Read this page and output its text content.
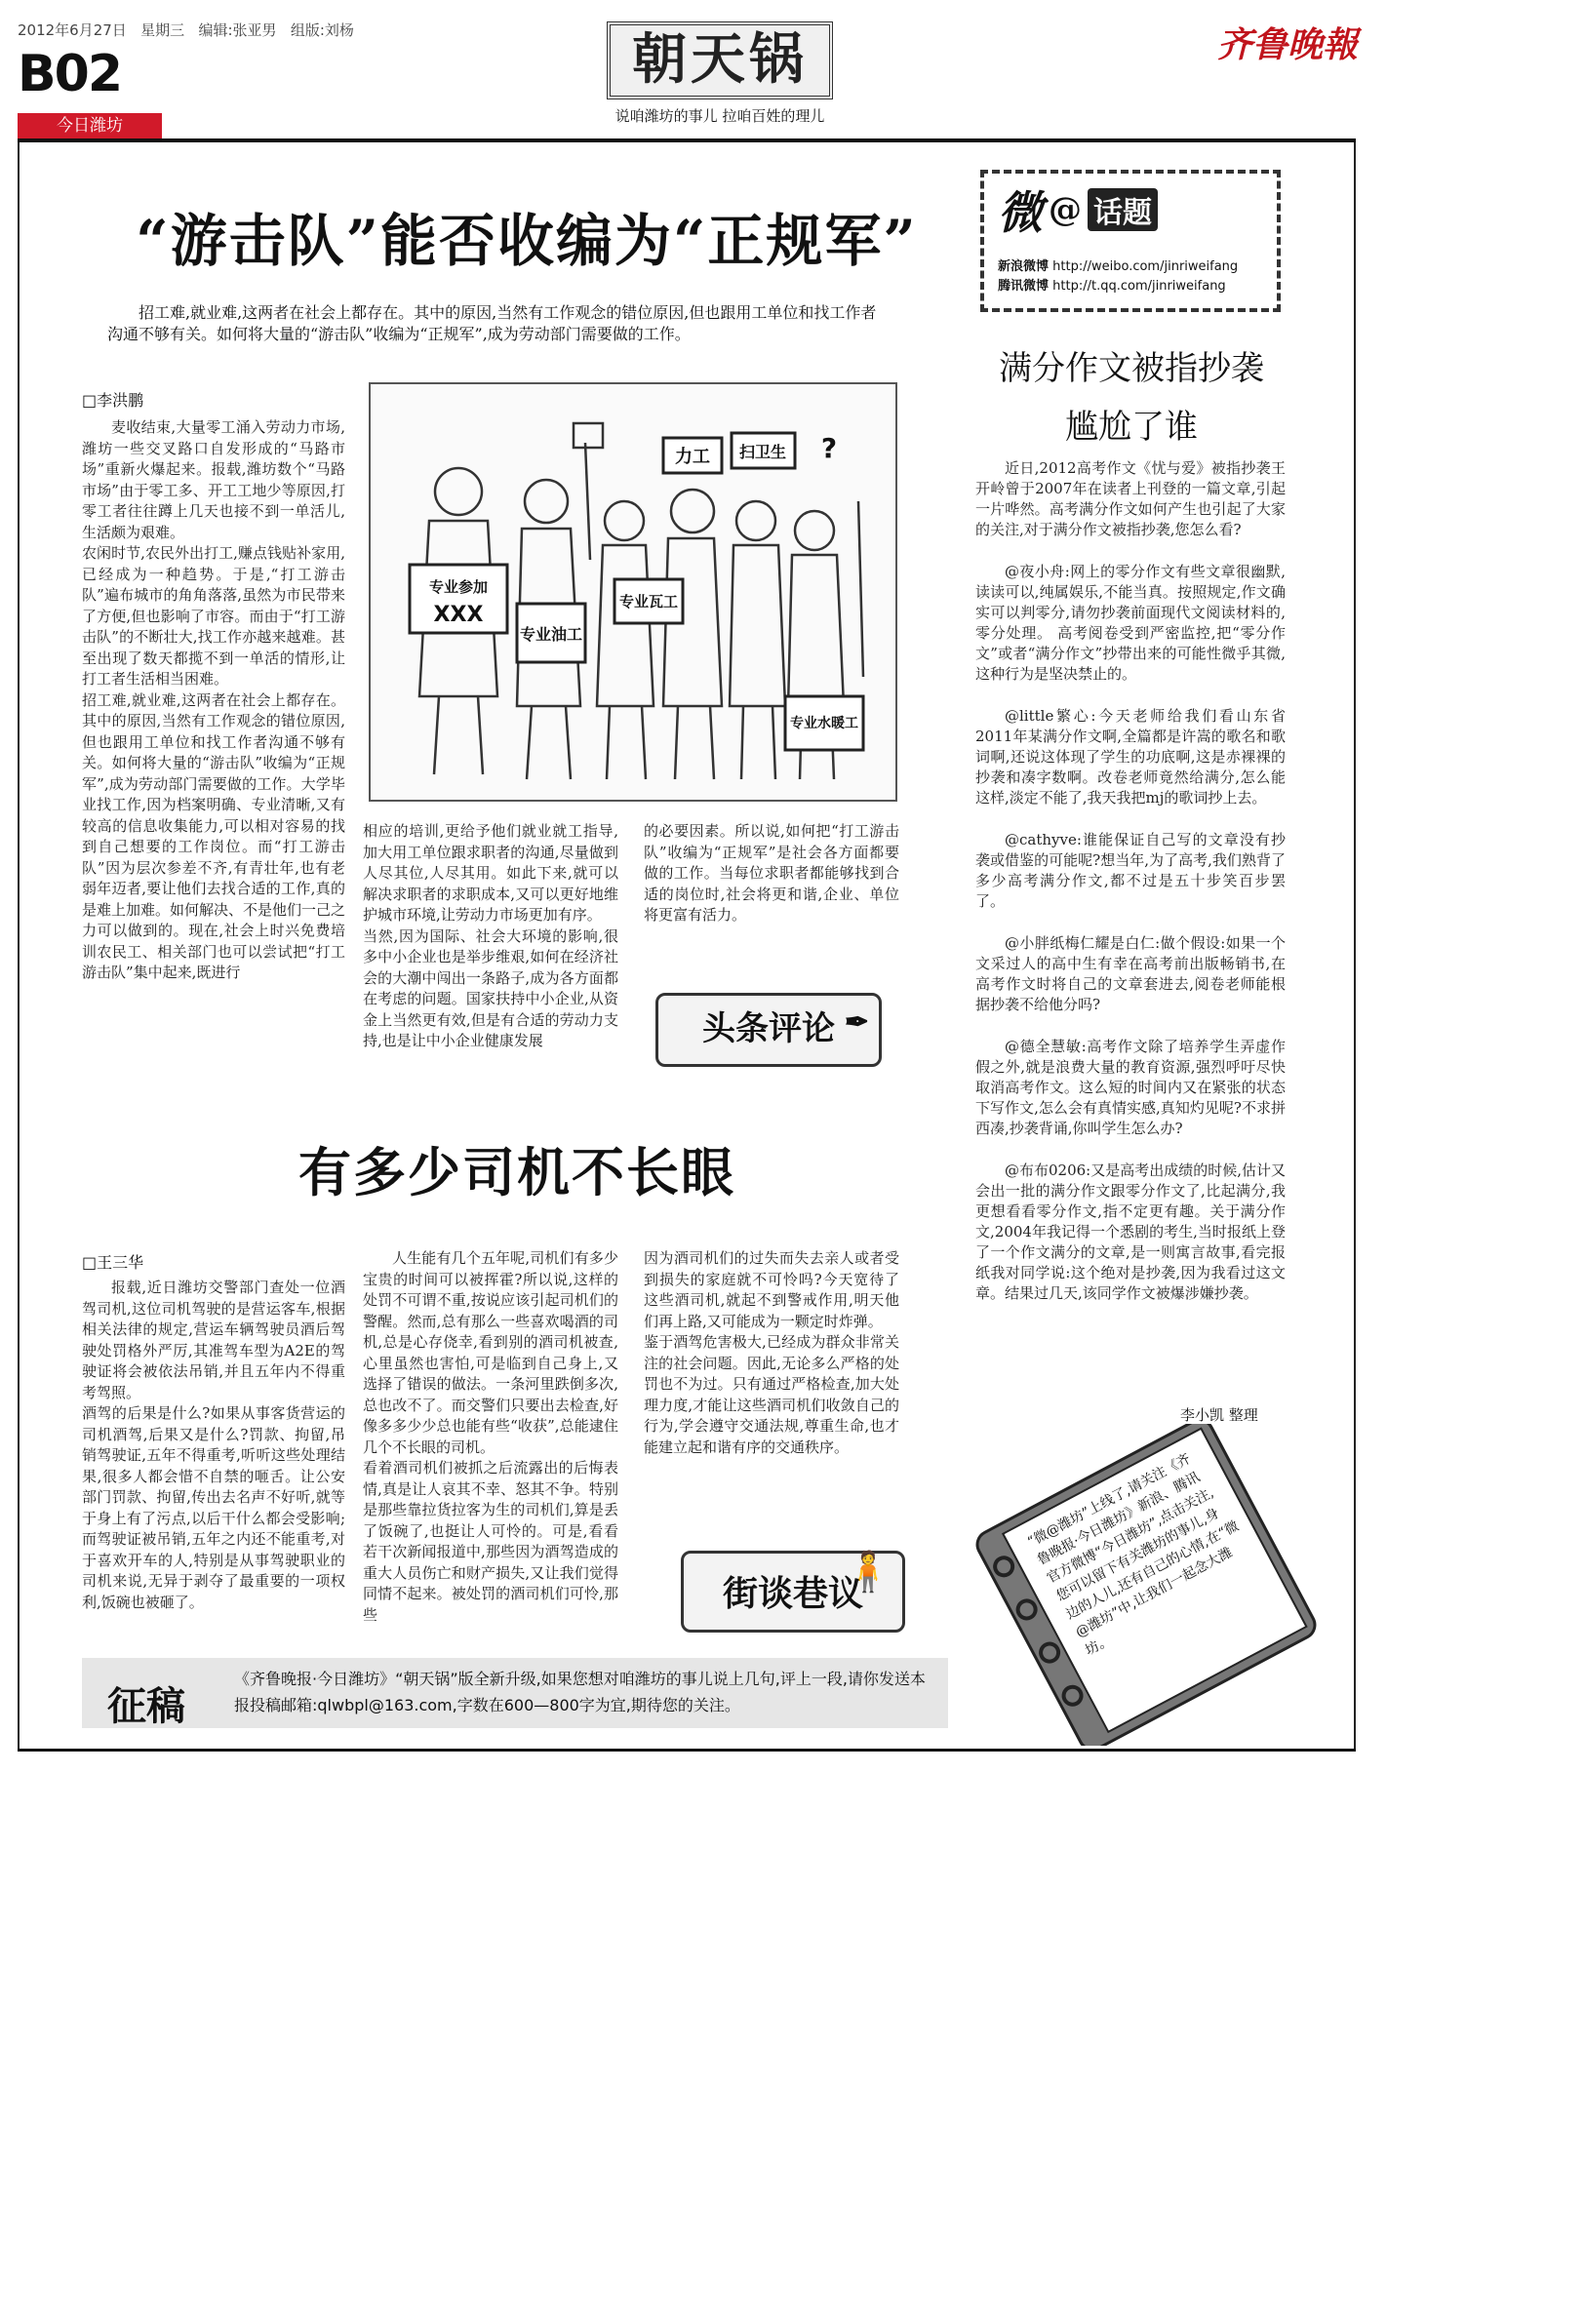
2012年6月27日 星期三 编辑:张亚男 组版:刘杨
B02
今日潍坊
朝天锅
说咱潍坊的事儿 拉咱百姓的理儿
齐鲁晚報
“游击队”能否收编为“正规军”
招工难,就业难,这两者在社会上都存在。其中的原因,当然有工作观念的错位原因,但也跟用工单位和找工作者沟通不够有关。如何将大量的“游击队”收编为“正规军”,成为劳动部门需要做的工作。
□李洪鹏
麦收结束,大量零工涌入劳动力市场,潍坊一些交叉路口自发形成的“马路市场”重新火爆起来。报载,潍坊数个“马路市场”由于零工多、开工工地少等原因,打零工者往往蹲上几天也接不到一单活儿,生活颇为艰难。
农闲时节,农民外出打工,赚点钱贴补家用,已经成为一种趋势。于是,“打工游击队”遍布城市的角角落落,虽然为市民带来了方便,但也影响了市容。而由于“打工游击队”的不断壮大,找工作亦越来越难。甚至出现了数天都揽不到一单活的情形,让打工者生活相当困难。
招工难,就业难,这两者在社会上都存在。其中的原因,当然有工作观念的错位原因,但也跟用工单位和找工作者沟通不够有关。如何将大量的“游击队”收编为“正规军”,成为劳动部门需要做的工作。大学毕业找工作,因为档案明确、专业清晰,又有较高的信息收集能力,可以相对容易的找到自己想要的工作岗位。而“打工游击队”因为层次参差不齐,有青壮年,也有老弱年迈者,要让他们去找合适的工作,真的是难上加难。如何解决、不是他们一己之力可以做到的。现在,社会上时兴免费培训农民工、相关部门也可以尝试把“打工游击队”集中起来,既进行
专业参加
XXX
专业油工
专业瓦工
力工 扫卫生
专业水暖工
?
相应的培训,更给予他们就业就工指导,加大用工单位跟求职者的沟通,尽量做到人尽其位,人尽其用。如此下来,就可以解决求职者的求职成本,又可以更好地维护城市环境,让劳动力市场更加有序。
当然,因为国际、社会大环境的影响,很多中小企业也是举步维艰,如何在经济社会的大潮中闯出一条路子,成为各方面都在考虑的问题。国家扶持中小企业,从资金上当然更有效,但是有合适的劳动力支持,也是让中小企业健康发展
的必要因素。所以说,如何把“打工游击队”收编为“正规军”是社会各方面都要做的工作。当每位求职者都能够找到合适的岗位时,社会将更和谐,企业、单位将更富有活力。
头条评论 ✒
有多少司机不长眼
□王三华
报载,近日潍坊交警部门查处一位酒驾司机,这位司机驾驶的是营运客车,根据相关法律的规定,营运车辆驾驶员酒后驾驶处罚格外严厉,其准驾车型为A2E的驾驶证将会被依法吊销,并且五年内不得重考驾照。
酒驾的后果是什么?如果从事客货营运的司机酒驾,后果又是什么?罚款、拘留,吊销驾驶证,五年不得重考,听听这些处理结果,很多人都会惜不自禁的咂舌。让公安部门罚款、拘留,传出去名声不好听,就等于身上有了污点,以后干什么都会受影响;而驾驶证被吊销,五年之内还不能重考,对于喜欢开车的人,特别是从事驾驶职业的司机来说,无异于剥夺了最重要的一项权利,饭碗也被砸了。
人生能有几个五年呢,司机们有多少宝贵的时间可以被挥霍?所以说,这样的处罚不可谓不重,按说应该引起司机们的警醒。然而,总有那么一些喜欢喝酒的司机,总是心存侥幸,看到别的酒司机被查,心里虽然也害怕,可是临到自己身上,又选择了错误的做法。一条河里跌倒多次,总也改不了。而交警们只要出去检查,好像多多少少总也能有些“收获”,总能逮住几个不长眼的司机。
看着酒司机们被抓之后流露出的后悔表情,真是让人哀其不幸、怒其不争。特别是那些靠拉货拉客为生的司机们,算是丢了饭碗了,也挺让人可怜的。可是,看看若干次新闻报道中,那些因为酒驾造成的重大人员伤亡和财产损失,又让我们觉得同情不起来。被处罚的酒司机们可怜,那些
因为酒司机们的过失而失去亲人或者受到损失的家庭就不可怜吗?今天宽待了这些酒司机,就起不到警戒作用,明天他们再上路,又可能成为一颗定时炸弹。
鉴于酒驾危害极大,已经成为群众非常关注的社会问题。因此,无论多么严格的处罚也不为过。只有通过严格检查,加大处理力度,才能让这些酒司机们收敛自己的行为,学会遵守交通法规,尊重生命,也才能建立起和谐有序的交通秩序。
街谈巷议
🧍
微 @ 话题
新浪微博 http://weibo.com/jinriweifang
腾讯微博 http://t.qq.com/jinriweifang
满分作文被指抄袭
尴尬了谁

近日,2012高考作文《忧与爱》被指抄袭王开岭曾于2007年在读者上刊登的一篇文章,引起一片哗然。高考满分作文如何产生也引起了大家的关注,对于满分作文被指抄袭,您怎么看?

@夜小舟:网上的零分作文有些文章很幽默,读读可以,纯属娱乐,不能当真。按照规定,作文确实可以判零分,请勿抄袭前面现代文阅读材料的,零分处理。 高考阅卷受到严密监控,把“零分作文”或者“满分作文”抄带出来的可能性微乎其微,这种行为是坚决禁止的。

@little繁心:今天老师给我们看山东省2011年某满分作文啊,全篇都是许嵩的歌名和歌词啊,还说这体现了学生的功底啊,这是赤裸裸的抄袭和凑字数啊。改卷老师竟然给满分,怎么能这样,淡定不能了,我天我把mj的歌词抄上去。

@cathyve:谁能保证自己写的文章没有抄袭或借鉴的可能呢?想当年,为了高考,我们熟背了多少高考满分作文,都不过是五十步笑百步罢了。

@小胖纸梅仁耀是白仁:做个假设:如果一个文采过人的高中生有幸在高考前出版畅销书,在高考作文时将自己的文章套进去,阅卷老师能根据抄袭不给他分吗?

@德全慧敏:高考作文除了培养学生弄虚作假之外,就是浪费大量的教育资源,强烈呼吁尽快取消高考作文。这么短的时间内又在紧张的状态下写作文,怎么会有真情实感,真知灼见呢?不求拼西凑,抄袭背诵,你叫学生怎么办?

@布布0206:又是高考出成绩的时候,估计又会出一批的满分作文跟零分作文了,比起满分,我更想看看零分作文,指不定更有趣。关于满分作文,2004年我记得一个悉剧的考生,当时报纸上登了一个作文满分的文章,是一则寓言故事,看完报纸我对同学说:这个绝对是抄袭,因为我看过这文章。结果过几天,该同学作文被爆涉嫌抄袭。

李小凯 整理
“微@潍坊”上线了,请关注《齐鲁晚报·今日潍坊》新浪、腾讯官方微博“今日潍坊”,点击关注,您可以留下有关潍坊的事儿,身边的人儿,还有自己的心情,在“微@潍坊”中,让我们一起念大潍坊。
征稿
《齐鲁晚报·今日潍坊》“朝天锅”版全新升级,如果您想对咱潍坊的事儿说上几句,评上一段,请你发送本报投稿邮箱:qlwbpl@163.com,字数在600—800字为宜,期待您的关注。
